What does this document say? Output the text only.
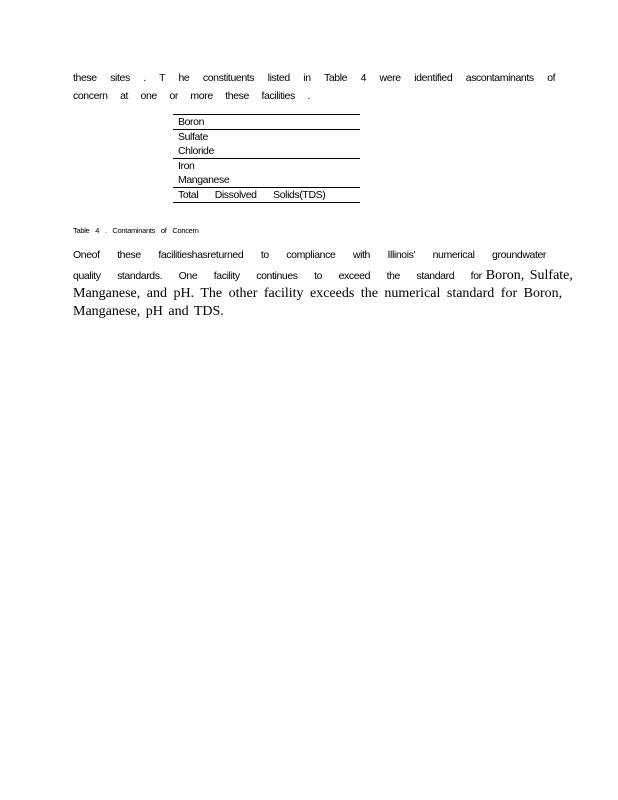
these sites . T he constituents listed in Table 4 were identified ascontaminants of
concern at one or more these facilities .
Boron
Sulfate
Chloride
Iron
Manganese
Total Dissolved Solids(TDS)
Table 4 . Contaminants of Concern
Oneof these facilitieshasreturned to compliance with Illinois' numerical groundwater
quality standards. One facility continues to exceed the standard for Boron, Sulfate,
Manganese, and pH. The other facility exceeds the numerical standard for Boron,
Manganese, pH and TDS.
